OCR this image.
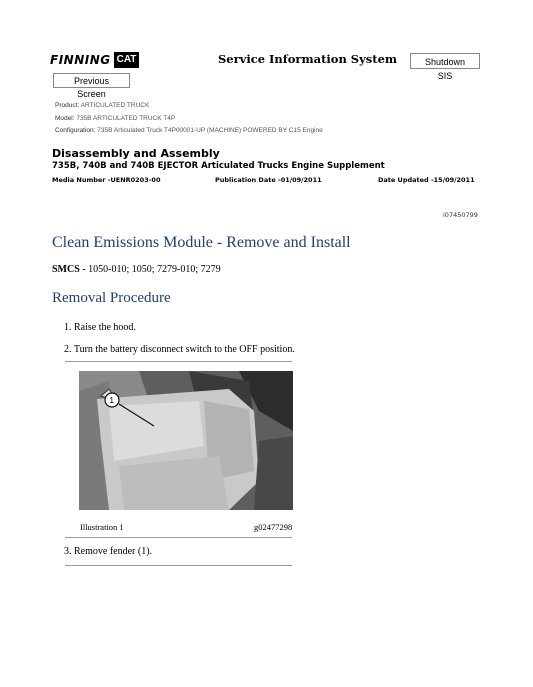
FINNING CAT	Service Information System	Shutdown SIS
Previous Screen
Product: ARTICULATED TRUCK
Model: 735B ARTICULATED TRUCK T4P
Configuration: 735B Articulated Truck T4P00001-UP (MACHINE) POWERED BY C15 Engine
Disassembly and Assembly
735B, 740B and 740B EJECTOR Articulated Trucks Engine Supplement
Media Number -UENR0203-00	Publication Date -01/09/2011	Date Updated -15/09/2011
i07450799
Clean Emissions Module - Remove and Install
SMCS - 1050-010; 1050; 7279-010; 7279
Removal Procedure
1. Raise the hood.
2. Turn the battery disconnect switch to the OFF position.
1
Illustration 1	g02477298
3. Remove fender (1).
